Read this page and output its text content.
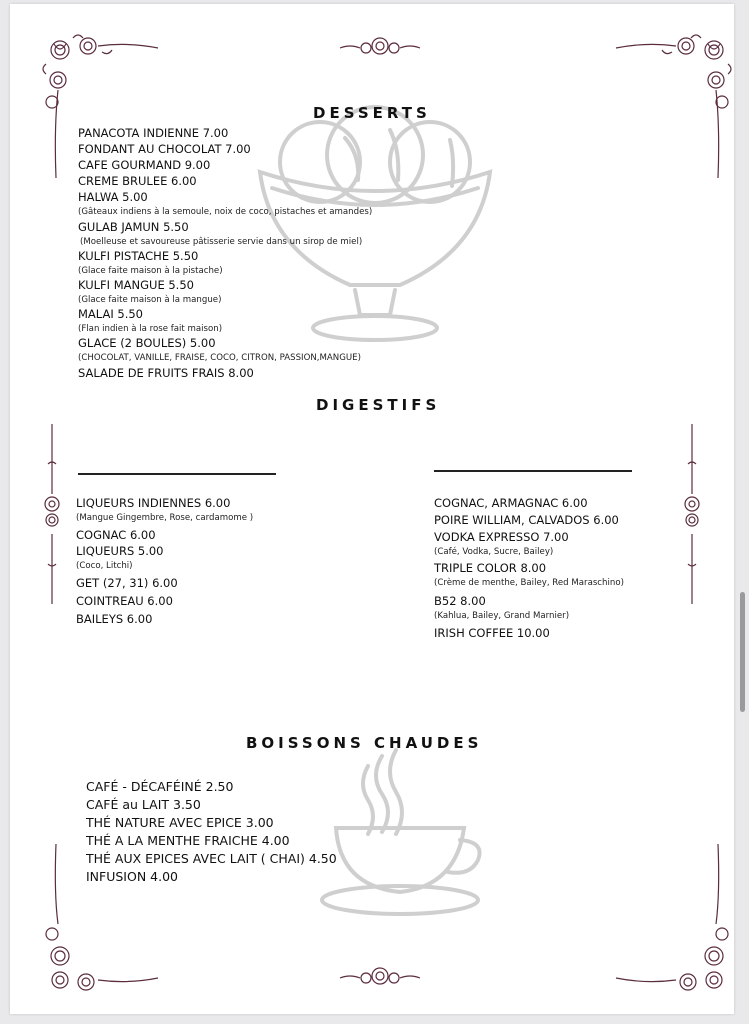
DESSERTS
PANACOTA INDIENNE 7.00
FONDANT AU CHOCOLAT 7.00
CAFE GOURMAND 9.00
CREME BRULEE 6.00
HALWA 5.00
(Gâteaux indiens à la semoule, noix de coco, pistaches et amandes)
GULAB JAMUN 5.50
(Moelleuse et savoureuse pâtisserie servie dans un sirop de miel)
KULFI PISTACHE 5.50
(Glace faite maison à la pistache)
KULFI MANGUE 5.50
(Glace faite maison à la mangue)
MALAI 5.50
(Flan indien à la rose fait maison)
GLACE (2 BOULES) 5.00
(CHOCOLAT, VANILLE, FRAISE, COCO, CITRON, PASSION,MANGUE)
SALADE DE FRUITS FRAIS 8.00
DIGESTIFS
LIQUEURS INDIENNES 6.00
(Mangue Gingembre, Rose, cardamome )
COGNAC 6.00
LIQUEURS 5.00
(Coco, Litchi)
GET (27, 31) 6.00
COINTREAU 6.00
BAILEYS 6.00
COGNAC, ARMAGNAC 6.00
POIRE WILLIAM, CALVADOS 6.00
VODKA EXPRESSO 7.00
(Café, Vodka, Sucre, Bailey)
TRIPLE COLOR 8.00
(Crème de menthe, Bailey, Red Maraschino)
B52 8.00
(Kahlua, Bailey, Grand Marnier)
IRISH COFFEE 10.00
BOISSONS CHAUDES
CAFÉ - DÉCAFÉINÉ 2.50
CAFÉ au LAIT 3.50
THÉ NATURE AVEC EPICE 3.00
THÉ A LA MENTHE FRAICHE 4.00
THÉ AUX EPICES AVEC LAIT ( CHAI) 4.50
INFUSION 4.00
